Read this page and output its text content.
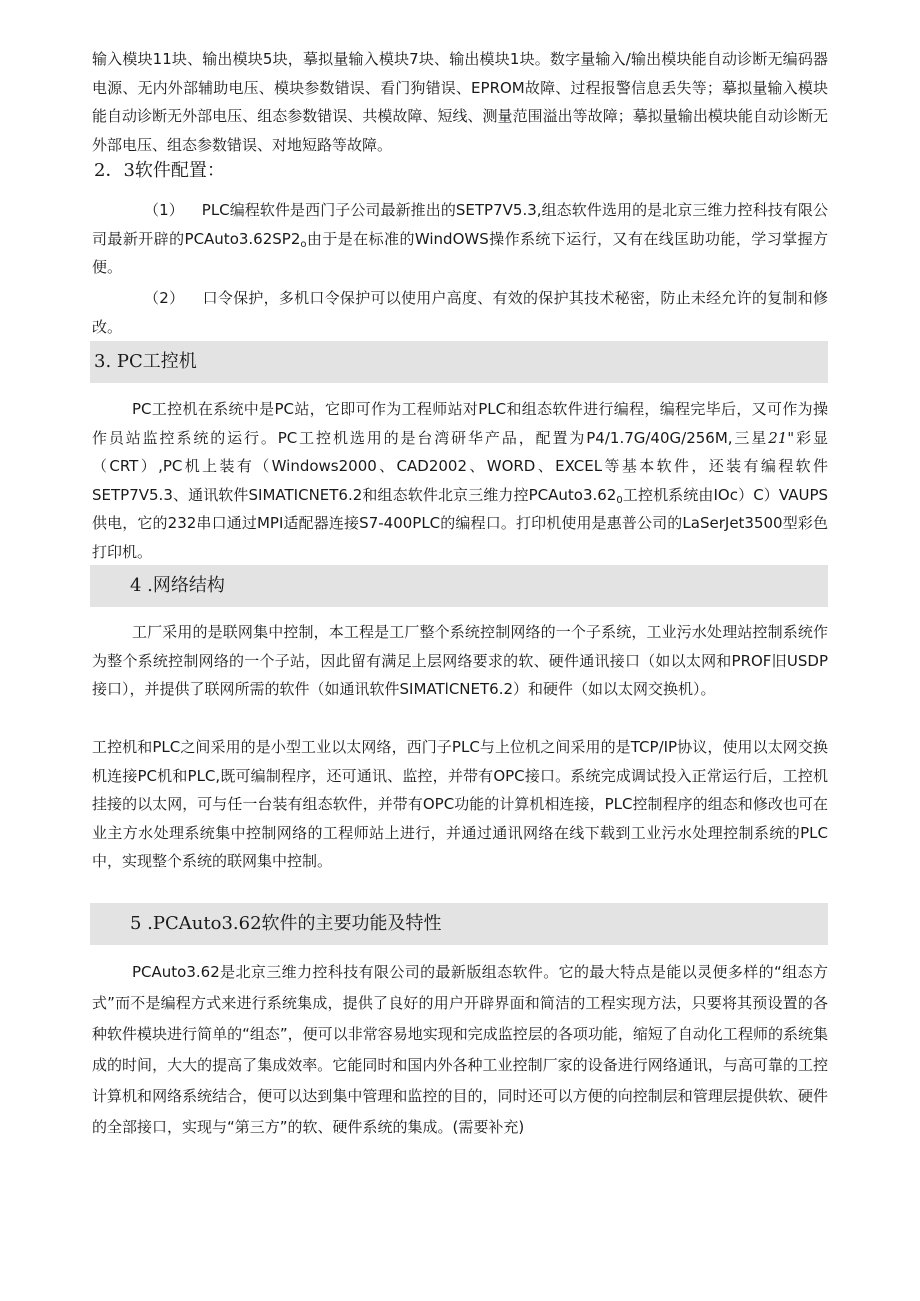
输入模块11块、输出模块5块，摹拟量输入模块7块、输出模块1块。数字量输入/输出模块能自动诊断无编码器电源、无内外部辅助电压、模块参数错误、看门狗错误、EPROM故障、过程报警信息丢失等；摹拟量输入模块能自动诊断无外部电压、组态参数错误、共模故障、短线、测量范围溢出等故障；摹拟量输出模块能自动诊断无外部电压、组态参数错误、对地短路等故障。

2．3软件配置：

（1） PLC编程软件是西门子公司最新推出的SETP7V5.3,组态软件选用的是北京三维力控科技有限公司最新开辟的$PCAuto3.62SP2_o$由于是在标准的WindOWS操作系统下运行，又有在线匡助功能，学习掌握方便。

（2） 口令保护，多机口令保护可以使用户高度、有效的保护其技术秘密，防止未经允许的复制和修改。

3. PC工控机

PC工控机在系统中是PC站，它即可作为工程师站对PLC和组态软件进行编程，编程完毕后，又可作为操作员站监控系统的运行。PC工控机选用的是台湾研华产品，配置为P4/1.7G/40G/256M,三星21"彩显（CRT）,PC机上装有（Windows2000、CAD2002、WORD、EXCEL等基本软件，还装有编程软件SETP7V5.3、通讯软件SIMATICNET6.2和组态软件北京三维力控$PCAuto3.62_0$工控机系统由IOc）C）VAUPS供电，它的232串口通过MPI适配器连接S7-400PLC的编程口。打印机使用是惠普公司的LaSerJet3500型彩色打印机。

4 .网络结构

工厂采用的是联网集中控制，本工程是工厂整个系统控制网络的一个子系统，工业污水处理站控制系统作为整个系统控制网络的一个子站，因此留有满足上层网络要求的软、硬件通讯接口（如以太网和PROF旧USDP接口），并提供了联网所需的软件（如通讯软件SIMATlCNET6.2）和硬件（如以太网交换机）。

工控机和PLC之间采用的是小型工业以太网络，西门子PLC与上位机之间采用的是TCP/IP协议，使用以太网交换机连接PC机和PLC,既可编制程序，还可通讯、监控，并带有OPC接口。系统完成调试投入正常运行后，工控机挂接的以太网，可与任一台装有组态软件，并带有OPC功能的计算机相连接，PLC控制程序的组态和修改也可在业主方水处理系统集中控制网络的工程师站上进行，并通过通讯网络在线下载到工业污水处理控制系统的PLC中，实现整个系统的联网集中控制。

5 .PCAuto3.62软件的主要功能及特性

PCAuto3.62是北京三维力控科技有限公司的最新版组态软件。它的最大特点是能以灵便多样的“组态方式”而不是编程方式来进行系统集成，提供了良好的用户开辟界面和简洁的工程实现方法，只要将其预设置的各种软件模块进行简单的“组态”，便可以非常容易地实现和完成监控层的各项功能，缩短了自动化工程师的系统集成的时间，大大的提高了集成效率。它能同时和国内外各种工业控制厂家的设备进行网络通讯，与高可靠的工控计算机和网络系统结合，便可以达到集中管理和监控的目的，同时还可以方便的向控制层和管理层提供软、硬件的全部接口，实现与“第三方”的软、硬件系统的集成。(需要补充)
